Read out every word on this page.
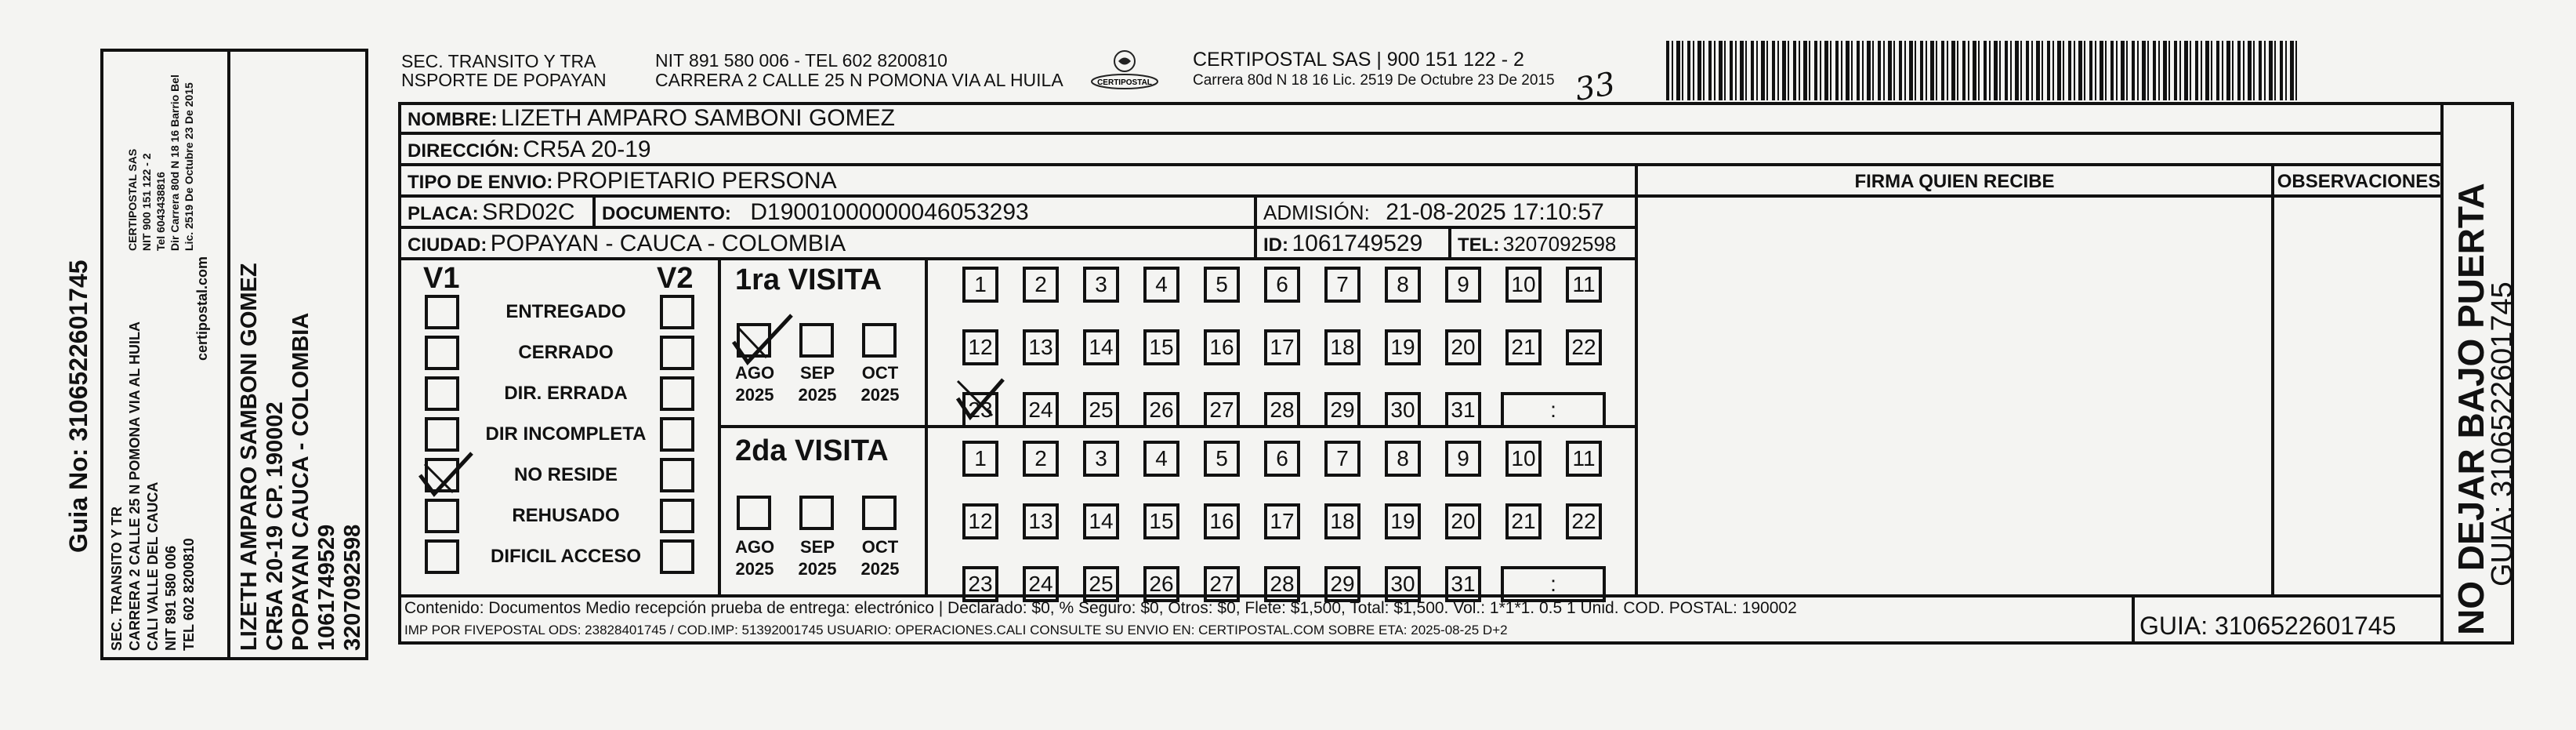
Guia No: 3106522601745
SEC. TRANSITO Y TR CARRERA 2 CALLE 25 N POMONA VIA AL HUILA CALI VALLE DEL CAUCA NIT 891 580 006 TEL 602 8200810
CERTIPOSTAL SAS NIT 900 151 122 - 2 Tel 6043438816 Dir Carrera 80d N 18 16 Barrio Bel Lic. 2519 De Octubre 23 De 2015
certipostal.com LIZETH AMPARO SAMBONI GOMEZ CR5A 20-19 CP. 190002 POPAYAN CAUCA - COLOMBIA 1061749529 3207092598
SEC. TRANSITO Y TRA
NSPORTE DE POPAYAN
NIT 891 580 006 - TEL 602 8200810
CARRERA 2 CALLE 25 N POMONA VIA AL HUILA	CERTIPOSTAL
CERTIPOSTAL SAS | 900 151 122 - 2
Carrera 80d N 18 16 Lic. 2519 De Octubre 23 De 2015 33
NOMBRE: LIZETH AMPARO SAMBONI GOMEZ
DIRECCIÓN: CR5A 20-19
TIPO DE ENVIO: PROPIETARIO PERSONA	FIRMA QUIEN RECIBE	OBSERVACIONES
PLACA: SRD02C DOCUMENTO: D19001000000046053293	ADMISIÓN: 21-08-2025 17:10:57
CIUDAD: POPAYAN - CAUCA - COLOMBIA	ID: 1061749529 TEL: 3207092598
V1	V2
ENTREGADO
CERRADO
DIR. ERRADA
DIR INCOMPLETA
NO RESIDE
REHUSADO
DIFICIL ACCESO
1ra VISITA
2da VISITA
AGO
2025
SEP
2025
OCT
2025
AGO
2025
SEP
2025
OCT
2025
1	2	3	4	5	6	7	8	9	10	11
12 13 14 15 16 17 18 19 20 21 22
23 24 25 26 27 28 29 30 31	:
1	2	3	4	5	6	7	8	9	10	11
12 13 14 15 16 17 18 19 20 21 22
23 24 25 26 27 28 29 30 31	:
Contenido: Documentos Medio recepción prueba de entrega: electrónico | Declarado: $0, % Seguro: $0, Otros: $0, Flete: $1,500, Total: $1,500. Vol.: 1*1*1. 0.5 1 Unid. COD. POSTAL: 190002
IMP POR FIVEPOSTAL ODS: 23828401745 / COD.IMP: 51392001745 USUARIO: OPERACIONES.CALI CONSULTE SU ENVIO EN: CERTIPOSTAL.COM SOBRE ETA: 2025-08-25 D+2	GUIA: 3106522601745 NO DEJAR BAJO PUERTA
GUIA: 3106522601745
